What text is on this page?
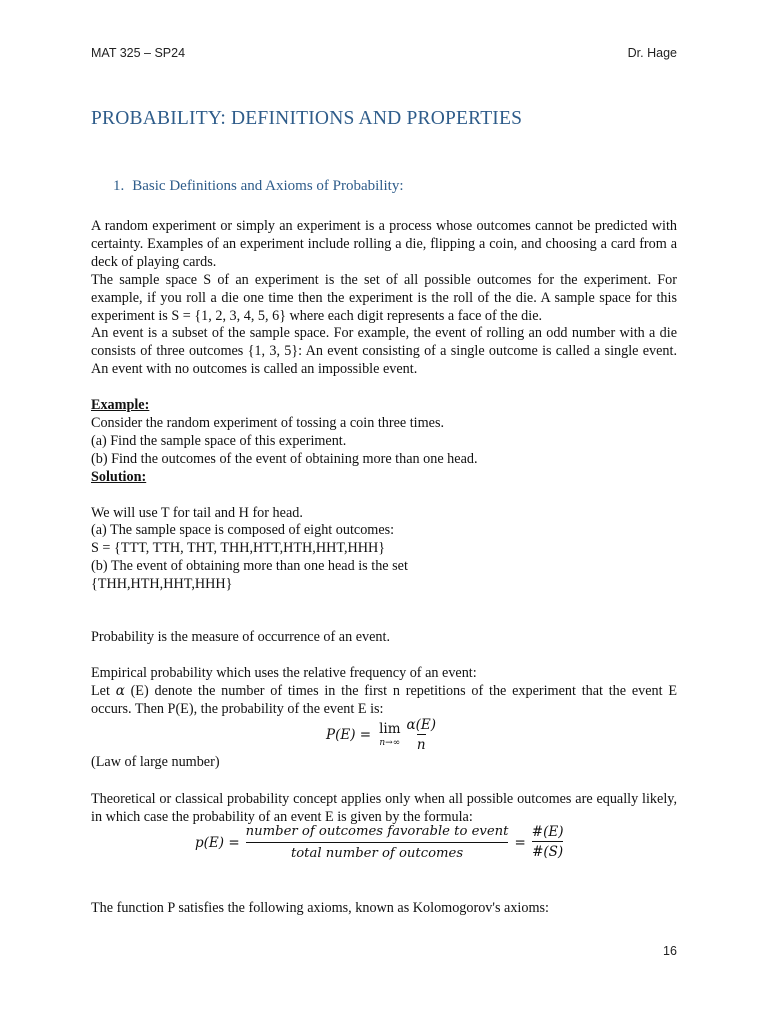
MAT 325 – SP24	Dr. Hage
PROBABILITY: DEFINITIONS AND PROPERTIES
1. Basic Definitions and Axioms of Probability:

A random experiment or simply an experiment is a process whose outcomes cannot be predicted with certainty. Examples of an experiment include rolling a die, flipping a coin, and choosing a card from a deck of playing cards.

The sample space S of an experiment is the set of all possible outcomes for the experiment. For example, if you roll a die one time then the experiment is the roll of the die. A sample space for this experiment is S = {1, 2, 3, 4, 5, 6} where each digit represents a face of the die.

An event is a subset of the sample space. For example, the event of rolling an odd number with a die consists of three outcomes {1, 3, 5}: An event consisting of a single outcome is called a single event. An event with no outcomes is called an impossible event.

Example:
Consider the random experiment of tossing a coin three times.
(a) Find the sample space of this experiment.
(b) Find the outcomes of the event of obtaining more than one head.
Solution:
We will use T for tail and H for head.
(a) The sample space is composed of eight outcomes:
S = {TTT, TTH, THT, THH,HTT,HTH,HHT,HHH}
(b) The event of obtaining more than one head is the set
{THH,HTH,HHT,HHH}

Probability is the measure of occurrence of an event.

Empirical probability which uses the relative frequency of an event:

Let α (E) denote the number of times in the first n repetitions of the experiment that the event E occurs. Then P(E), the probability of the event E is:

P(E) = lim
$n\to\infty \frac{\alpha(E)}{n}$

(Law of large number)

Theoretical or classical probability concept applies only when all possible outcomes are equally likely, in which case the probability of an event E is given by the formula:

p(E) =
number of outcomes favorable to event
total number of outcomes
= $\frac{\#(E)}{\#(S)}$

The function P satisfies the following axioms, known as Kolomogorov's axioms:

16
